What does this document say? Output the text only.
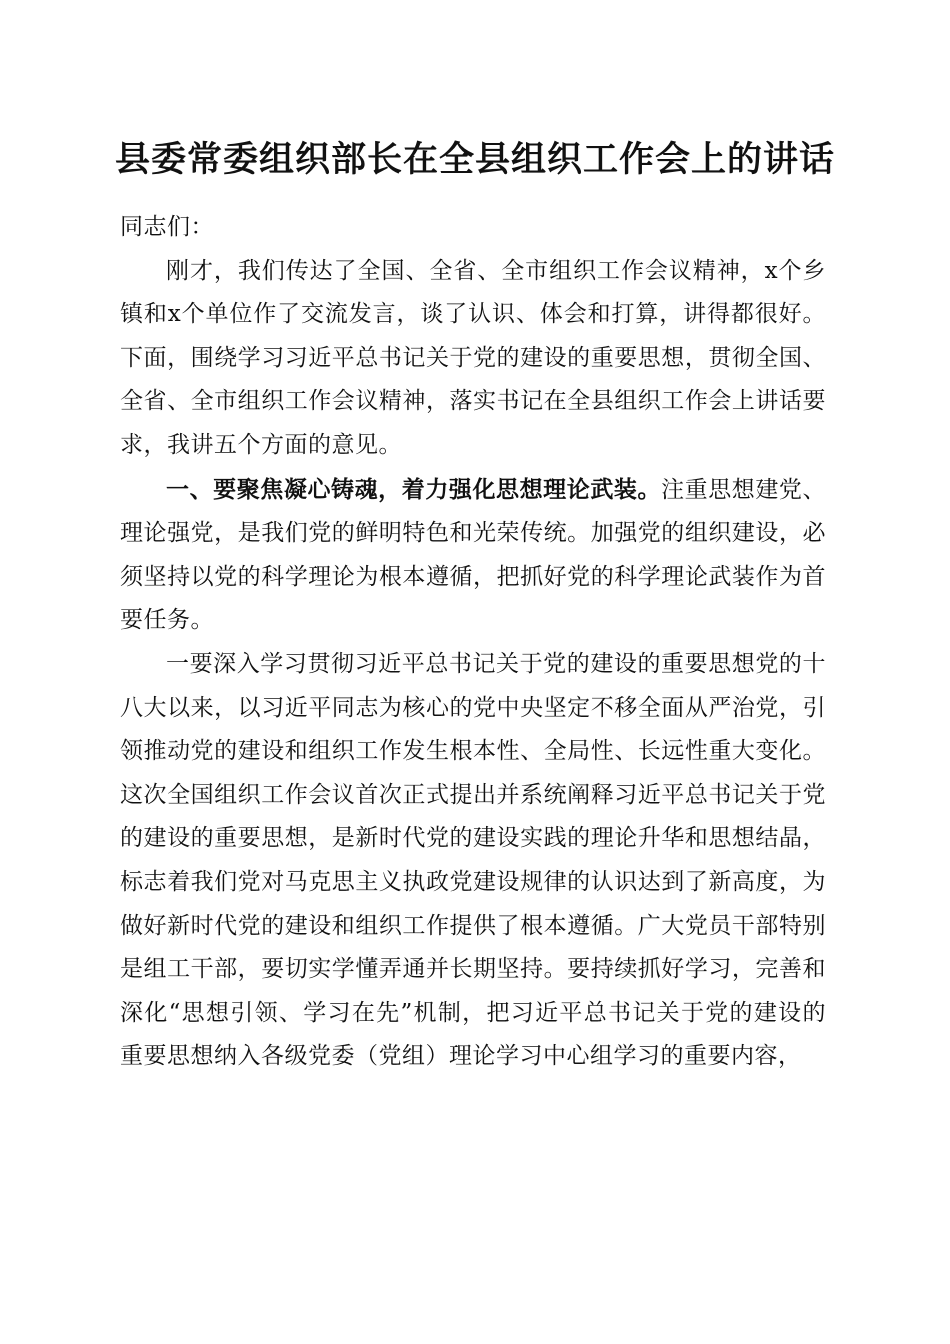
县委常委组织部长在全县组织工作会上的讲话

同志们：

刚才，我们传达了全国、全省、全市组织工作会议精神，x个乡镇和x个单位作了交流发言，谈了认识、体会和打算，讲得都很好。下面，围绕学习习近平总书记关于党的建设的重要思想，贯彻全国、全省、全市组织工作会议精神，落实书记在全县组织工作会上讲话要求，我讲五个方面的意见。

一、要聚焦凝心铸魂，着力强化思想理论武装。注重思想建党、理论强党，是我们党的鲜明特色和光荣传统。加强党的组织建设，必须坚持以党的科学理论为根本遵循，把抓好党的科学理论武装作为首要任务。

一要深入学习贯彻习近平总书记关于党的建设的重要思想党的十八大以来，以习近平同志为核心的党中央坚定不移全面从严治党，引领推动党的建设和组织工作发生根本性、全局性、长远性重大变化。这次全国组织工作会议首次正式提出并系统阐释习近平总书记关于党的建设的重要思想，是新时代党的建设实践的理论升华和思想结晶，标志着我们党对马克思主义执政党建设规律的认识达到了新高度，为做好新时代党的建设和组织工作提供了根本遵循。广大党员干部特别是组工干部，要切实学懂弄通并长期坚持。要持续抓好学习，完善和深化“思想引领、学习在先”机制，把习近平总书记关于党的建设的重要思想纳入各级党委（党组）理论学习中心组学习的重要内容，
